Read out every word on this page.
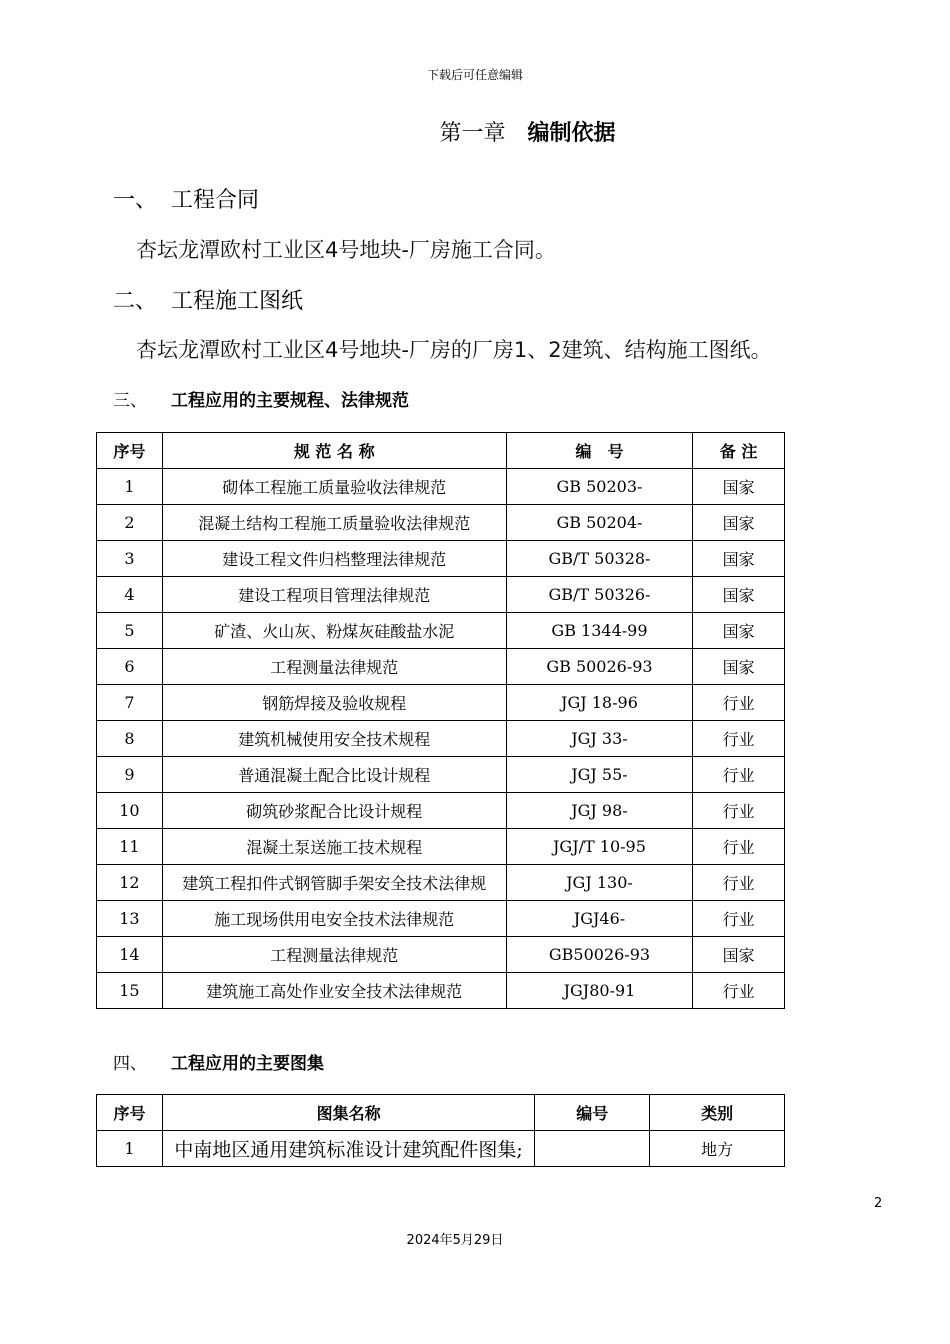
下载后可任意编辑
第一章 编制依据
一、 工程合同
杏坛龙潭欧村工业区4号地块-厂房施工合同。
二、 工程施工图纸
杏坛龙潭欧村工业区4号地块-厂房的厂房1、2建筑、结构施工图纸。
三、 工程应用的主要规程、法律规范
序号	规 范 名 称	编　号	备 注
1	砌体工程施工质量验收法律规范	GB 50203-	国家
2	混凝土结构工程施工质量验收法律规范	GB 50204-	国家
3	建设工程文件归档整理法律规范	GB/T 50328-	国家
4	建设工程项目管理法律规范	GB/T 50326-	国家
5	矿渣、火山灰、粉煤灰硅酸盐水泥	GB 1344-99	国家
6	工程测量法律规范	GB 50026-93	国家
7	钢筋焊接及验收规程	JGJ 18-96	行业
8	建筑机械使用安全技术规程	JGJ 33-	行业
9	普通混凝土配合比设计规程	JGJ 55-	行业
10	砌筑砂浆配合比设计规程	JGJ 98-	行业
11	混凝土泵送施工技术规程	JGJ/T 10-95	行业
12	建筑工程扣件式钢管脚手架安全技术法律规	JGJ 130-	行业
13	施工现场供用电安全技术法律规范	JGJ46-	行业
14	工程测量法律规范	GB50026-93	国家
15	建筑施工高处作业安全技术法律规范	JGJ80-91	行业
四、 工程应用的主要图集
序号	图集名称	编号	类别
1	中南地区通用建筑标准设计建筑配件图集;		地方
2
2024年5月29日
